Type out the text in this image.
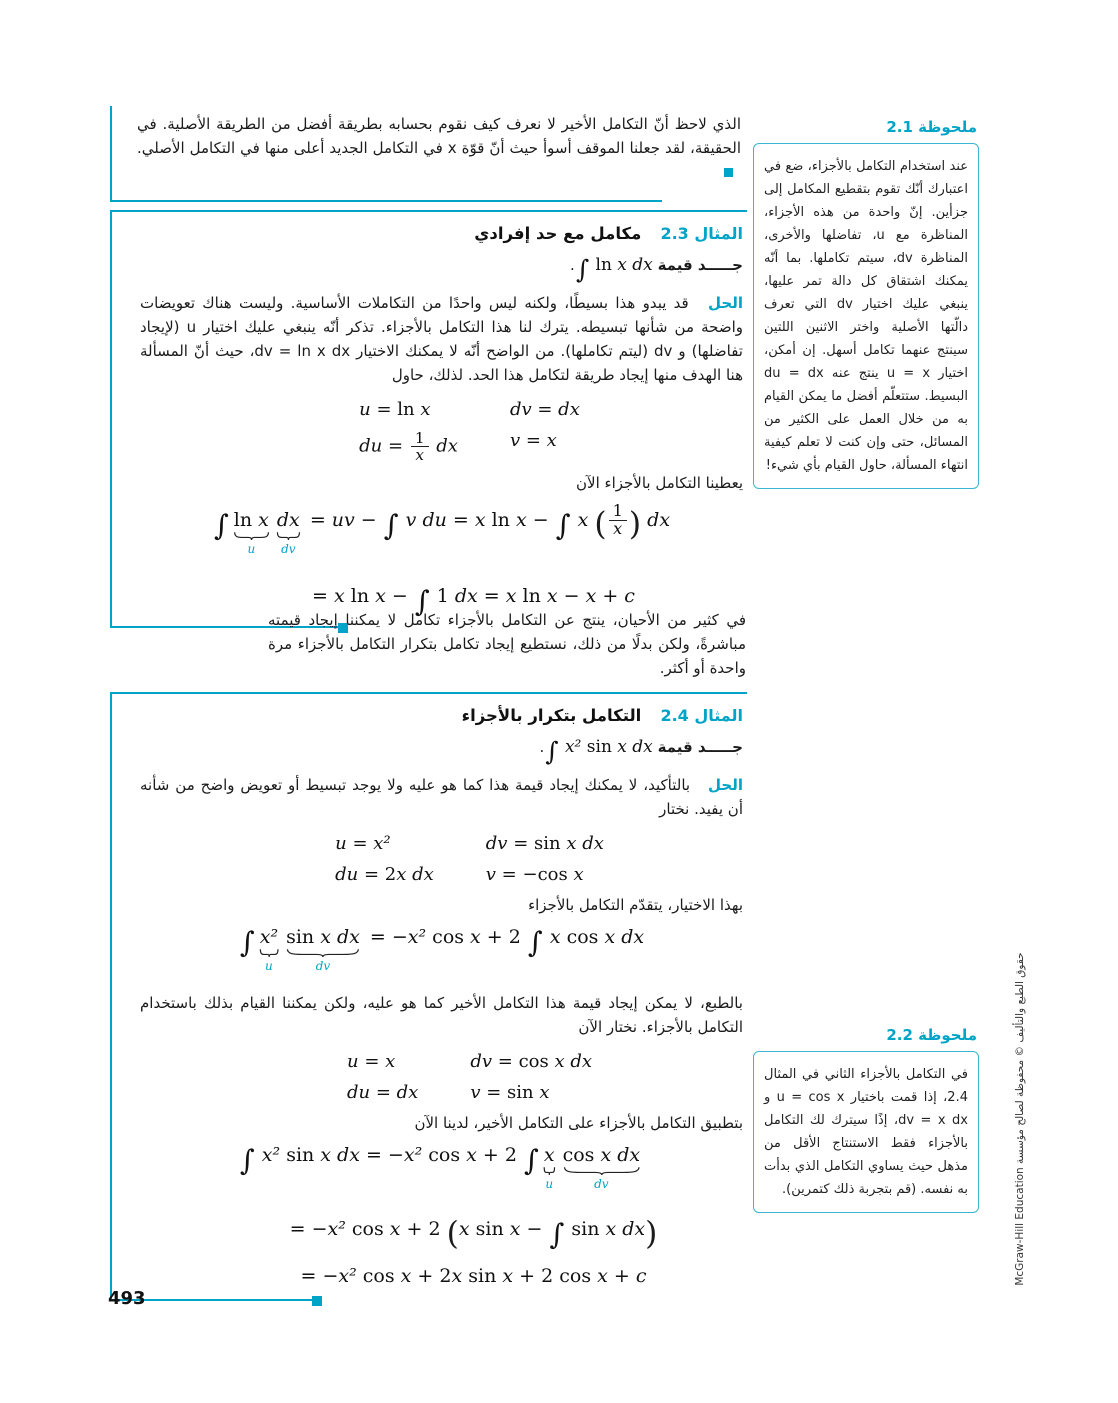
الذي لاحظ أنّ التكامل الأخير لا نعرف كيف نقوم بحسابه بطريقة أفضل من الطريقة الأصلية. في الحقيقة، لقد جعلنا الموقف أسوأ حيث أنّ قوّة x في التكامل الجديد أعلى منها في التكامل الأصلي.

ملحوظة 2.1

عند استخدام التكامل بالأجزاء، ضع في اعتبارك أنّك تقوم بتقطيع المكامل إلى جزأين. إنّ واحدة من هذه الأجزاء، المناظرة مع u، تفاضلها والأخرى، المناظرة dv، سيتم تكاملها. بما أنّه يمكنك اشتقاق كل دالة تمر عليها، ينبغي عليك اختيار dv التي تعرف دالّتها الأصلية واختر الاثنين اللتين سينتج عنهما تكامل أسهل. إن أمكن، اختيار u = x ينتج عنه du = dx البسيط. ستتعلّم أفضل ما يمكن القيام به من خلال العمل على الكثير من المسائل، حتى وإن كنت لا تعلم كيفية انتهاء المسألة، حاول القيام بأي شيء!

المثال 2.3 مكامل مع حد إفرادي

جـــــد قيمة ∫ ln x dx.

الحل قد يبدو هذا بسيطًا، ولكنه ليس واحدًا من التكاملات الأساسية. وليست هناك تعويضات واضحة من شأنها تبسيطه. يترك لنا هذا التكامل بالأجزاء. تذكر أنّه ينبغي عليك اختيار u (لإيجاد تفاضلها) و dv (ليتم تكاملها). من الواضح أنّه لا يمكنك الاختيار dv = ln x dx، حيث أنّ المسألة هنا الهدف منها إيجاد طريقة لتكامل هذا الحد. لذلك، حاول

u = ln x	dv = dx
du = $\frac{1}{x}$ dx	v = x

يعطينا التكامل بالأجزاء الآن

∫ ln x
u
dx
dv
= uv − ∫ v du = x ln x − ∫ x ( $\frac{1}{x}$ ) dx
= x ln x − ∫ 1 dx = x ln x − x + c

في كثير من الأحيان، ينتج عن التكامل بالأجزاء تكامل لا يمكننا إيجاد قيمته مباشرةً، ولكن بدلًا من ذلك، نستطيع إيجاد تكامل بتكرار التكامل بالأجزاء مرة واحدة أو أكثر.

المثال 2.4 التكامل بتكرار بالأجزاء

جـــــد قيمة ∫ x² sin x dx.

الحل بالتأكيد، لا يمكنك إيجاد قيمة هذا كما هو عليه ولا يوجد تبسيط أو تعويض واضح من شأنه أن يفيد. نختار

u = x²	dv = sin x dx
du = 2x dx	v = −cos x

بهذا الاختيار، يتقدّم التكامل بالأجزاء

∫ x²
u
sin x dx
dv
= −x² cos x + 2 ∫ x cos x dx

بالطبع، لا يمكن إيجاد قيمة هذا التكامل الأخير كما هو عليه، ولكن يمكننا القيام بذلك باستخدام التكامل بالأجزاء. نختار الآن

u = x	dv = cos x dx
du = dx	v = sin x

بتطبيق التكامل بالأجزاء على التكامل الأخير، لدينا الآن

∫ x² sin x dx = −x² cos x + 2 ∫ x
u
cos x dx
dv
= −x² cos x + 2 (x sin x − ∫ sin x dx)
= −x² cos x + 2x sin x + 2 cos x + c
ملحوظة 2.2

في التكامل بالأجزاء الثاني في المثال 2.4، إذا قمت باختيار u = cos x و dv = x dx، إذًا سيترك لك التكامل بالأجزاء فقط الاستنتاج الأقل من مذهل حيث يساوي التكامل الذي بدأت به نفسه. (قم بتجربة ذلك كتمرين).	حقوق الطبع والتأليف © محفوظة لصالح مؤسسة McGraw-Hill Education
493
